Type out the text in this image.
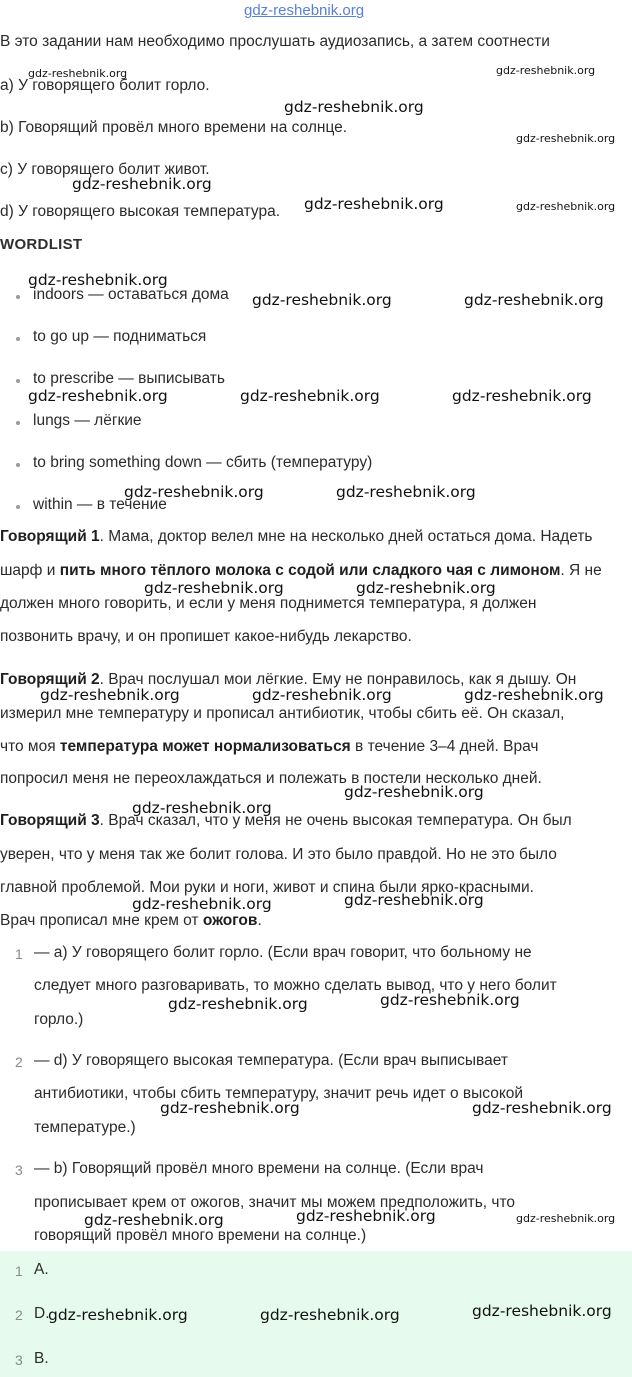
gdz-reshebnik.org
В это задании нам необходимо прослушать аудиозапись, а затем соотнести
a) У говорящего болит горло.
b) Говорящий провёл много времени на солнце.
c) У говорящего болит живот.
d) У говорящего высокая температура.
WORDLIST
indoors — оставаться дома
to go up — подниматься
to prescribe — выписывать
lungs — лёгкие
to bring something down — сбить (температуру)
within — в течение
Говорящий 1. Мама, доктор велел мне на несколько дней остаться дома. Надеть
шарф и пить много тёплого молока с содой или сладкого чая с лимоном. Я не
должен много говорить, и если у меня поднимется температура, я должен
позвонить врачу, и он пропишет какое-нибудь лекарство.
Говорящий 2. Врач послушал мои лёгкие. Ему не понравилось, как я дышу. Он
измерил мне температуру и прописал антибиотик, чтобы сбить её. Он сказал,
что моя температура может нормализоваться в течение 3–4 дней. Врач
попросил меня не переохлаждаться и полежать в постели несколько дней.
Говорящий 3. Врач сказал, что у меня не очень высокая температура. Он был
уверен, что у меня так же болит голова. И это было правдой. Но не это было
главной проблемой. Мои руки и ноги, живот и спина были ярко-красными.
Врач прописал мне крем от ожогов.
1 — a) У говорящего болит горло. (Если врач говорит, что больному не
следует много разговаривать, то можно сделать вывод, что у него болит
горло.)
2 — d) У говорящего высокая температура. (Если врач выписывает
антибиотики, чтобы сбить температуру, значит речь идет о высокой
температуре.)
3 — b) Говорящий провёл много времени на солнце. (Если врач
прописывает крем от ожогов, значит мы можем предположить, что
говорящий провёл много времени на солнце.)
1 A.
2 D.
3 B.
gdz-reshebnik.org	gdz-reshebnik.org
gdz-reshebnik.org
gdz-reshebnik.org
gdz-reshebnik.org
gdz-reshebnik.org	gdz-reshebnik.org
gdz-reshebnik.org
gdz-reshebnik.org	gdz-reshebnik.org
gdz-reshebnik.org	gdz-reshebnik.org	gdz-reshebnik.org
gdz-reshebnik.org	gdz-reshebnik.org
gdz-reshebnik.org	gdz-reshebnik.org
gdz-reshebnik.org	gdz-reshebnik.org	gdz-reshebnik.org
gdz-reshebnik.org
gdz-reshebnik.org
gdz-reshebnik.org
gdz-reshebnik.org
gdz-reshebnik.org
gdz-reshebnik.org
gdz-reshebnik.org	gdz-reshebnik.org
gdz-reshebnik.org	gdz-reshebnik.org	gdz-reshebnik.org
gdz-reshebnik.org	gdz-reshebnik.org	gdz-reshebnik.org
